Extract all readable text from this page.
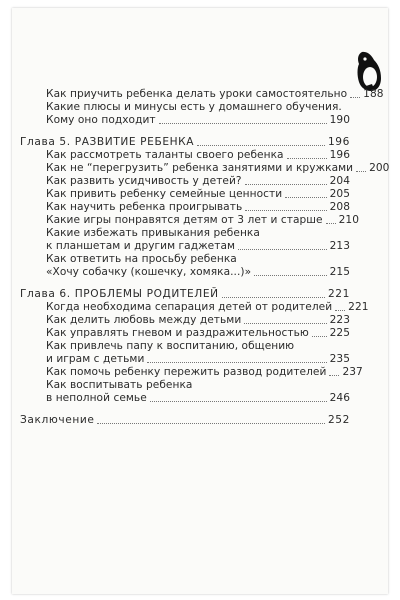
Как приучить ребенка делать уроки самостоятельно 188
Какие плюсы и минусы есть у домашнего обучения.
Кому оно подходит	190
Глава 5. РАЗВИТИЕ РЕБЕНКА	196
Как рассмотреть таланты своего ребенка	196
Как не “перегрузить” ребенка занятиями и кружками 200
Как развить усидчивость у детей?	204
Как привить ребенку семейные ценности	205
Как научить ребенка проигрывать	208
Какие игры понравятся детям от 3 лет и старше 210
Какие избежать привыкания ребенка
к планшетам и другим гаджетам	213
Как ответить на просьбу ребенка
«Хочу собачку (кошечку, хомяка...)»	215
Глава 6. ПРОБЛЕМЫ РОДИТЕЛЕЙ	221
Когда необходима сепарация детей от родителей 221
Как делить любовь между детьми	223
Как управлять гневом и раздражительностью 225
Как привлечь папу к воспитанию, общению
и играм с детьми	235
Как помочь ребенку пережить развод родителей 237
Как воспитывать ребенка
в неполной семье	246
Заключение	252
